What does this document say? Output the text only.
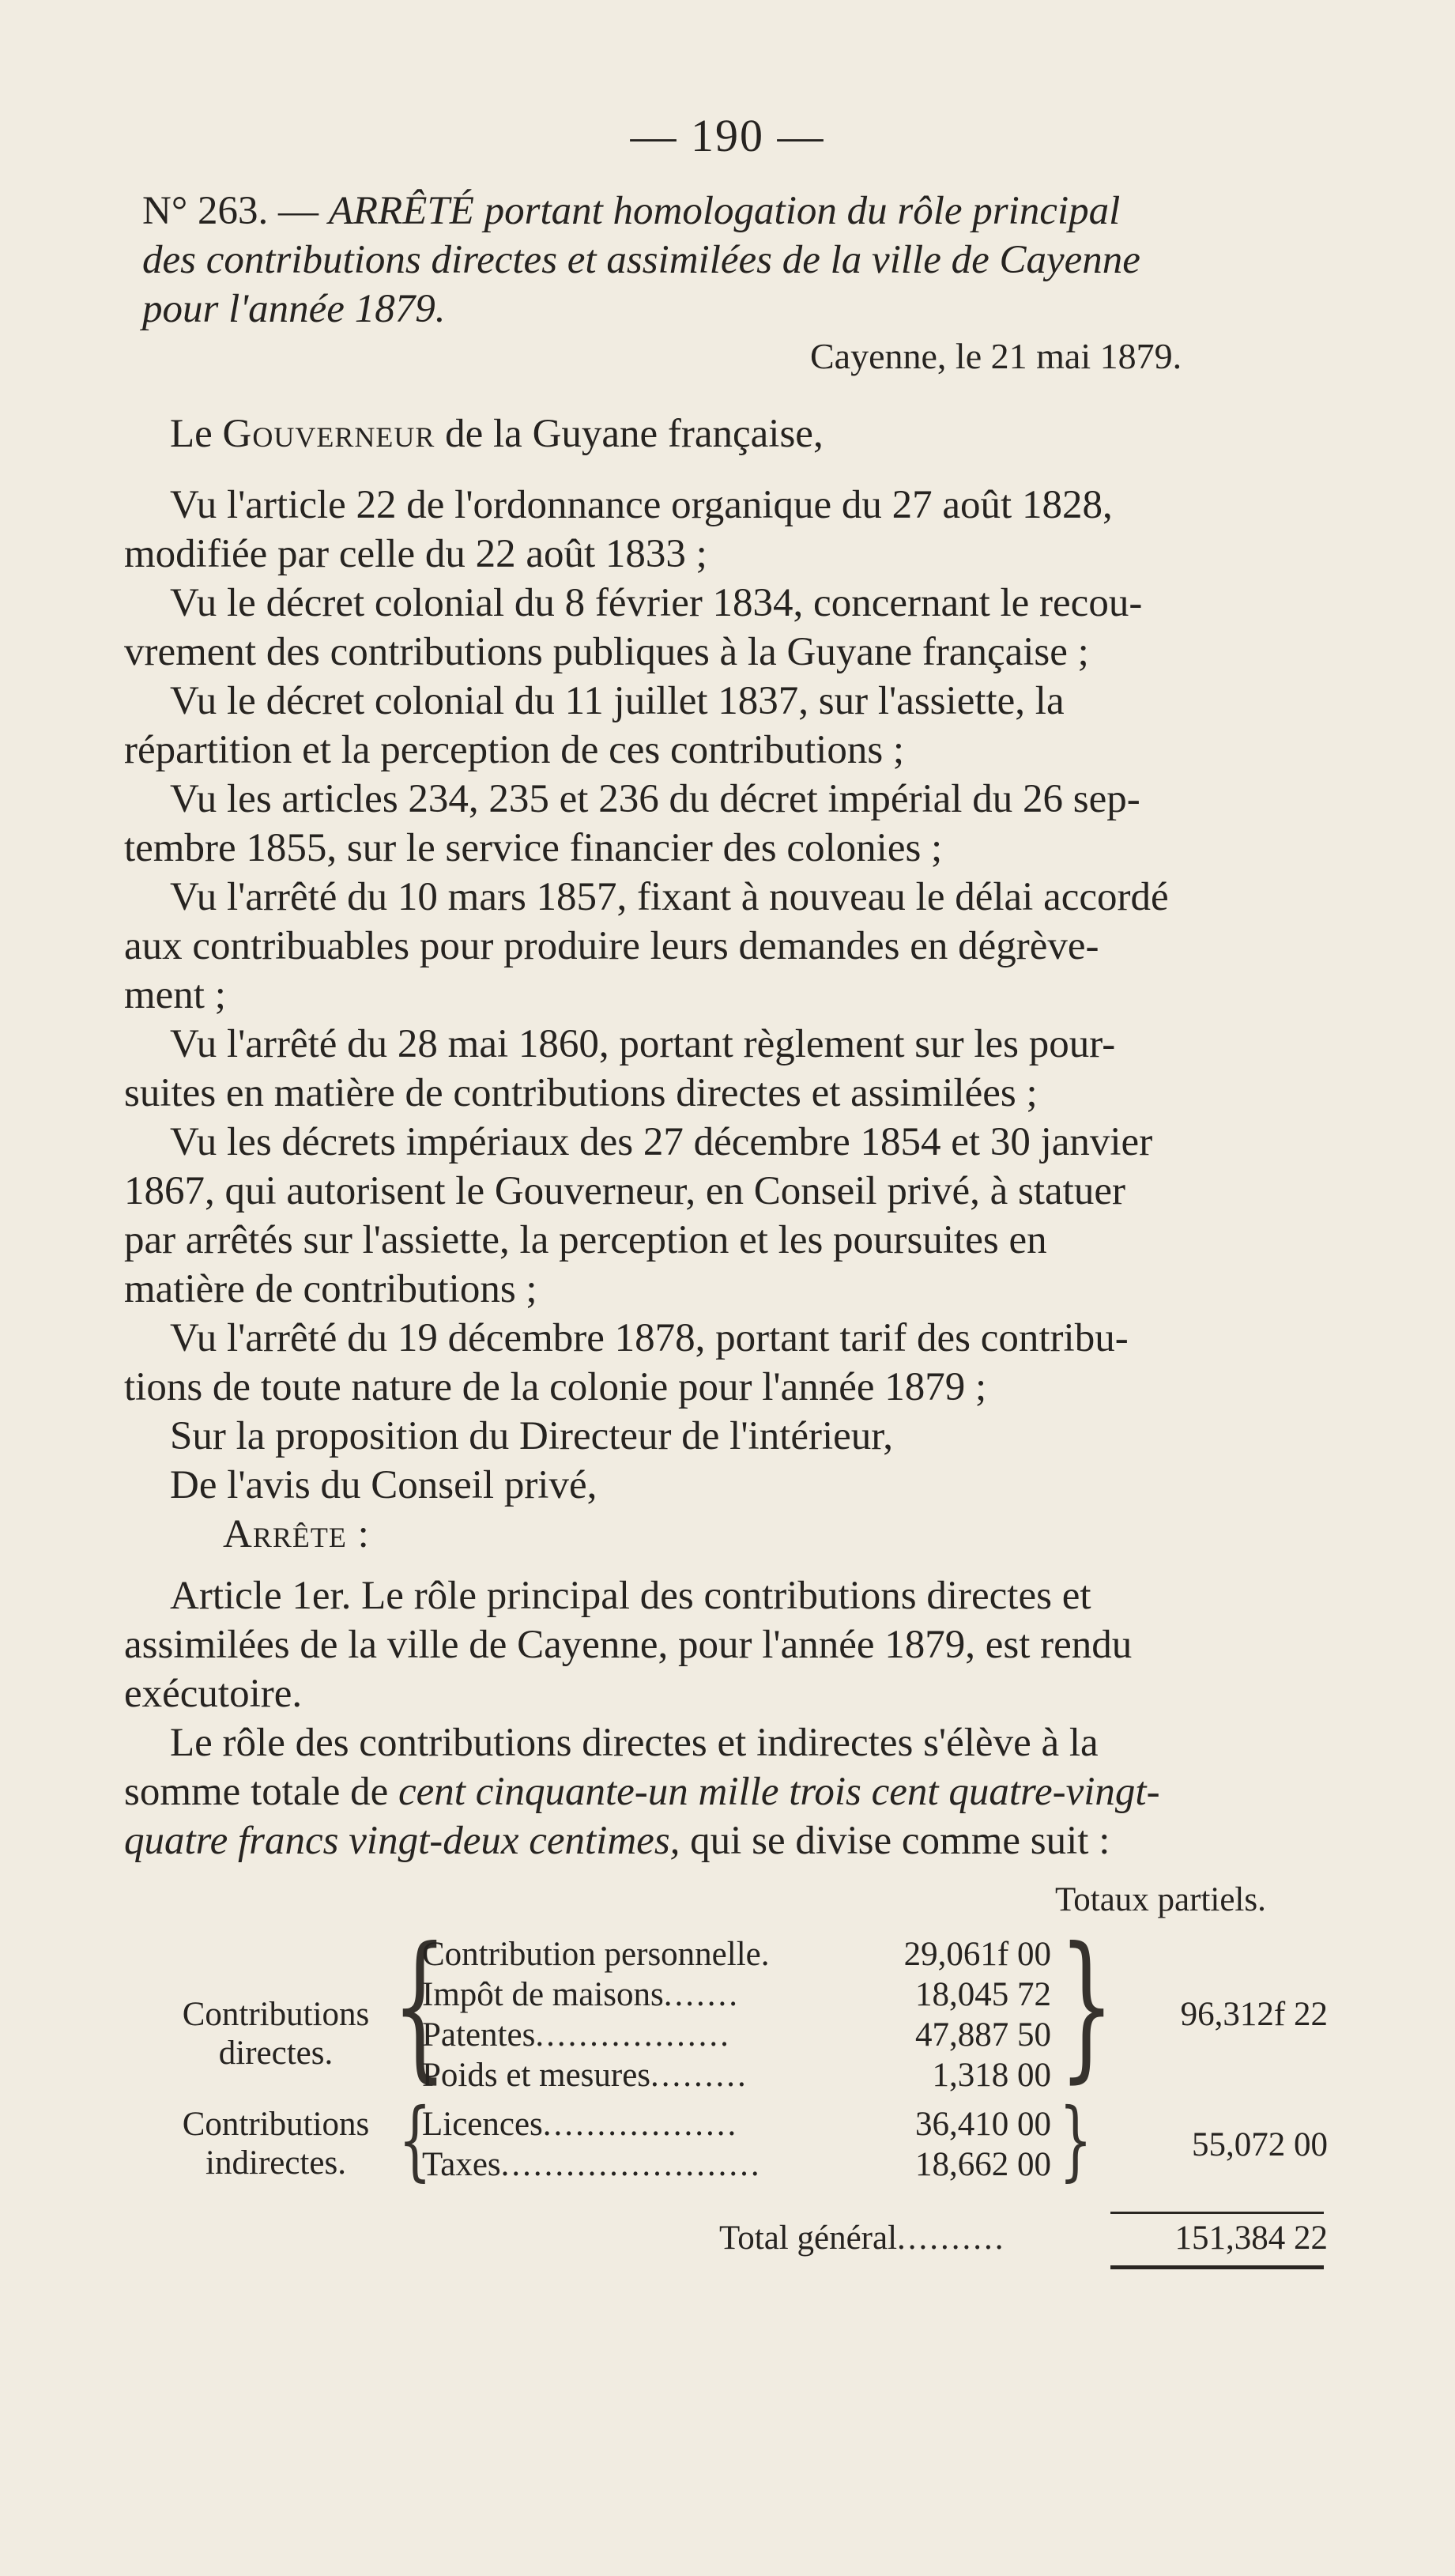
— 190 —
N° 263. — ARRÊTÉ portant homologation du rôle principal
des contributions directes et assimilées de la ville de Cayenne
pour l'année 1879.
Cayenne, le 21 mai 1879.
Le Gouverneur de la Guyane française,
Vu l'article 22 de l'ordonnance organique du 27 août 1828,
modifiée par celle du 22 août 1833 ;
Vu le décret colonial du 8 février 1834, concernant le recou-
vrement des contributions publiques à la Guyane française ;
Vu le décret colonial du 11 juillet 1837, sur l'assiette, la
répartition et la perception de ces contributions ;
Vu les articles 234, 235 et 236 du décret impérial du 26 sep-
tembre 1855, sur le service financier des colonies ;
Vu l'arrêté du 10 mars 1857, fixant à nouveau le délai accordé
aux contribuables pour produire leurs demandes en dégrève-
ment ;
Vu l'arrêté du 28 mai 1860, portant règlement sur les pour-
suites en matière de contributions directes et assimilées ;
Vu les décrets impériaux des 27 décembre 1854 et 30 janvier
1867, qui autorisent le Gouverneur, en Conseil privé, à statuer
par arrêtés sur l'assiette, la perception et les poursuites en
matière de contributions ;
Vu l'arrêté du 19 décembre 1878, portant tarif des contribu-
tions de toute nature de la colonie pour l'année 1879 ;
Sur la proposition du Directeur de l'intérieur,
De l'avis du Conseil privé,
Arrête :
Article 1er. Le rôle principal des contributions directes et
assimilées de la ville de Cayenne, pour l'année 1879, est rendu
exécutoire.
Le rôle des contributions directes et indirectes s'élève à la
somme totale de cent cinquante-un mille trois cent quatre-vingt-
quatre francs vingt-deux centimes, qui se divise comme suit :
Totaux partiels.
Contributions
directes. {
Contribution personnelle.	29,061f 00
Impôt de maisons.......	18,045 72
Patentes..................	47,887 50
Poids et mesures.........	1,318 00 }	96,312f 22
Contributions
indirectes. {
Licences..................	36,410 00
Taxes........................	18,662 00 }	55,072 00
Total général..........	151,384 22
